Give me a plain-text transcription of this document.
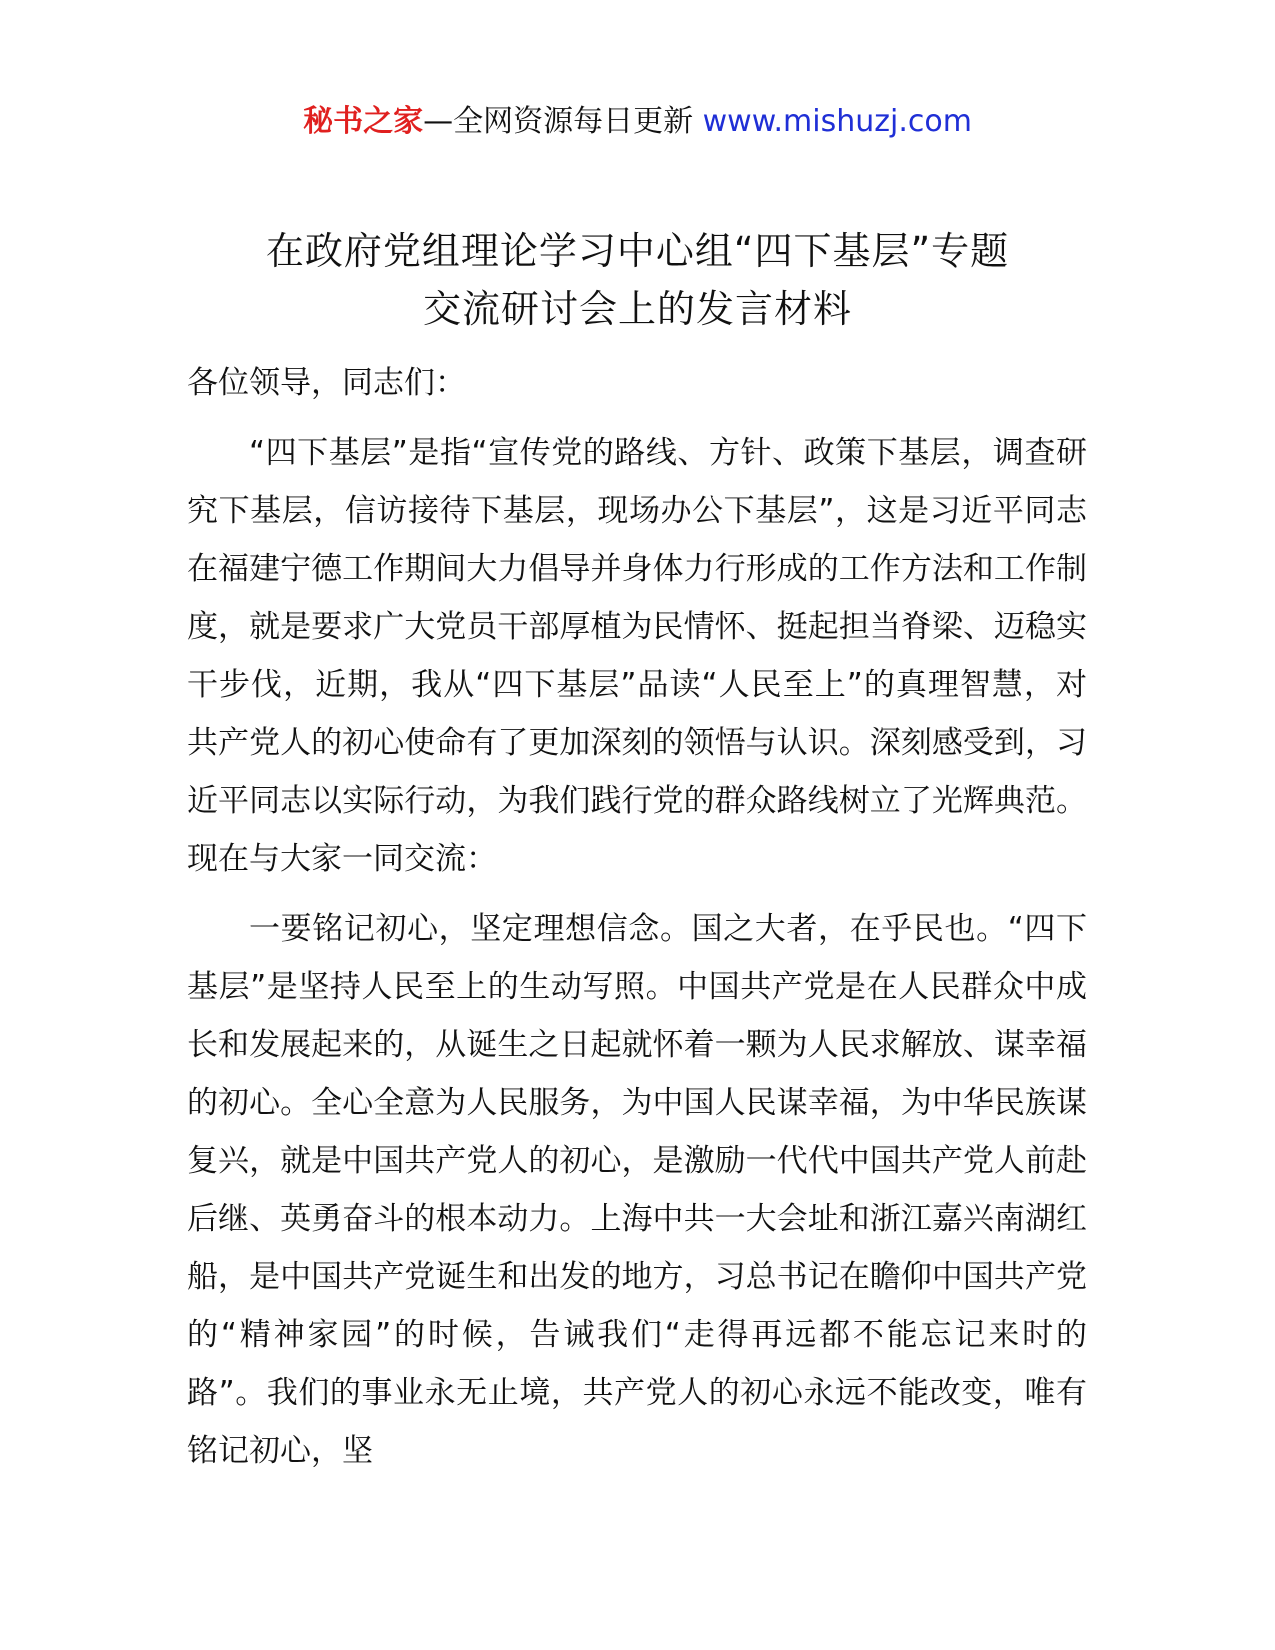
秘书之家—全网资源每日更新 www.mishuzj.com
在政府党组理论学习中心组“四下基层”专题
交流研讨会上的发言材料

各位领导，同志们：

“四下基层”是指“宣传党的路线、方针、政策下基层，调查研究下基层，信访接待下基层，现场办公下基层”，这是习近平同志在福建宁德工作期间大力倡导并身体力行形成的工作方法和工作制度，就是要求广大党员干部厚植为民情怀、挺起担当脊梁、迈稳实干步伐，近期，我从“四下基层”品读“人民至上”的真理智慧，对共产党人的初心使命有了更加深刻的领悟与认识。深刻感受到，习近平同志以实际行动，为我们践行党的群众路线树立了光辉典范。现在与大家一同交流：

一要铭记初心，坚定理想信念。国之大者，在乎民也。“四下基层”是坚持人民至上的生动写照。中国共产党是在人民群众中成长和发展起来的，从诞生之日起就怀着一颗为人民求解放、谋幸福的初心。全心全意为人民服务，为中国人民谋幸福，为中华民族谋复兴，就是中国共产党人的初心，是激励一代代中国共产党人前赴后继、英勇奋斗的根本动力。上海中共一大会址和浙江嘉兴南湖红船，是中国共产党诞生和出发的地方，习总书记在瞻仰中国共产党的“精神家园”的时候，告诫我们“走得再远都不能忘记来时的路”。我们的事业永无止境，共产党人的初心永远不能改变，唯有铭记初心，坚
